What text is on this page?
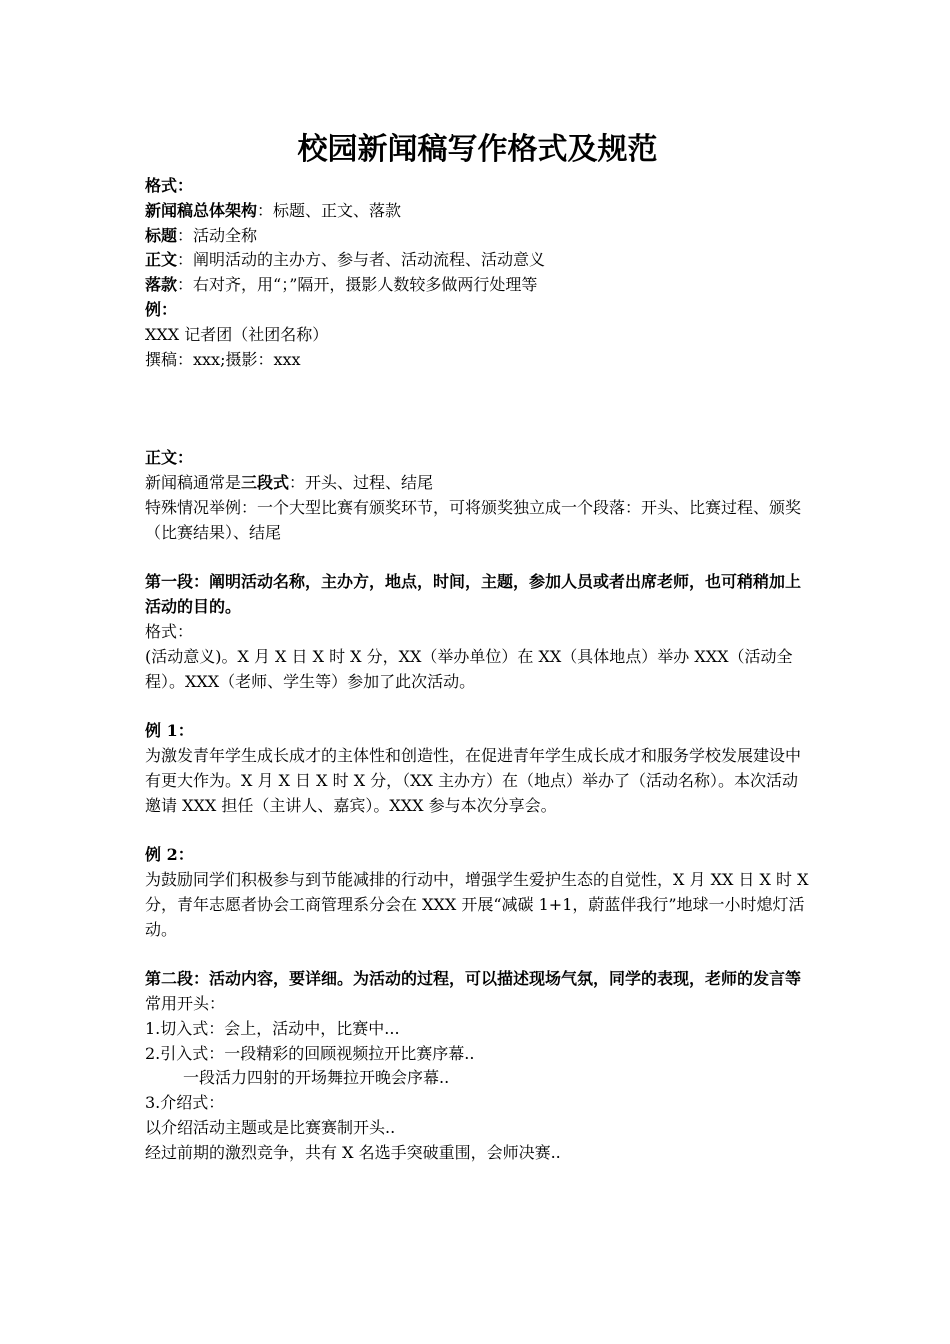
校园新闻稿写作格式及规范

格式：

新闻稿总体架构：标题、正文、落款

标题：活动全称

正文：阐明活动的主办方、参与者、活动流程、活动意义

落款：右对齐，用“；”隔开，摄影人数较多做两行处理等

例：

XXX 记者团（社团名称）

撰稿：xxx;摄影：xxx

正文：

新闻稿通常是三段式：开头、过程、结尾

特殊情况举例：一个大型比赛有颁奖环节，可将颁奖独立成一个段落：开头、比赛过程、颁奖（比赛结果）、结尾

第一段：阐明活动名称，主办方，地点，时间，主题，参加人员或者出席老师，也可稍稍加上活动的目的。

格式：

(活动意义)。X 月 X 日 X 时 X 分，XX（举办单位）在 XX（具体地点）举办 XXX（活动全程）。XXX（老师、学生等）参加了此次活动。

例 1：

为激发青年学生成长成才的主体性和创造性，在促进青年学生成长成才和服务学校发展建设中有更大作为。X 月 X 日 X 时 X 分，（XX 主办方）在（地点）举办了（活动名称）。本次活动邀请 XXX 担任（主讲人、嘉宾）。XXX 参与本次分享会。

例 2：

为鼓励同学们积极参与到节能减排的行动中，增强学生爱护生态的自觉性，X 月 XX 日 X 时 X 分，青年志愿者协会工商管理系分会在 XXX 开展“减碳 1+1，蔚蓝伴我行”地球一小时熄灯活动。

第二段：活动内容，要详细。为活动的过程，可以描述现场气氛，同学的表现，老师的发言等

常用开头：

1.切入式：会上，活动中，比赛中...

2.引入式：一段精彩的回顾视频拉开比赛序幕..

一段活力四射的开场舞拉开晚会序幕..

3.介绍式：

以介绍活动主题或是比赛赛制开头..

经过前期的激烈竞争，共有 X 名选手突破重围，会师决赛..
